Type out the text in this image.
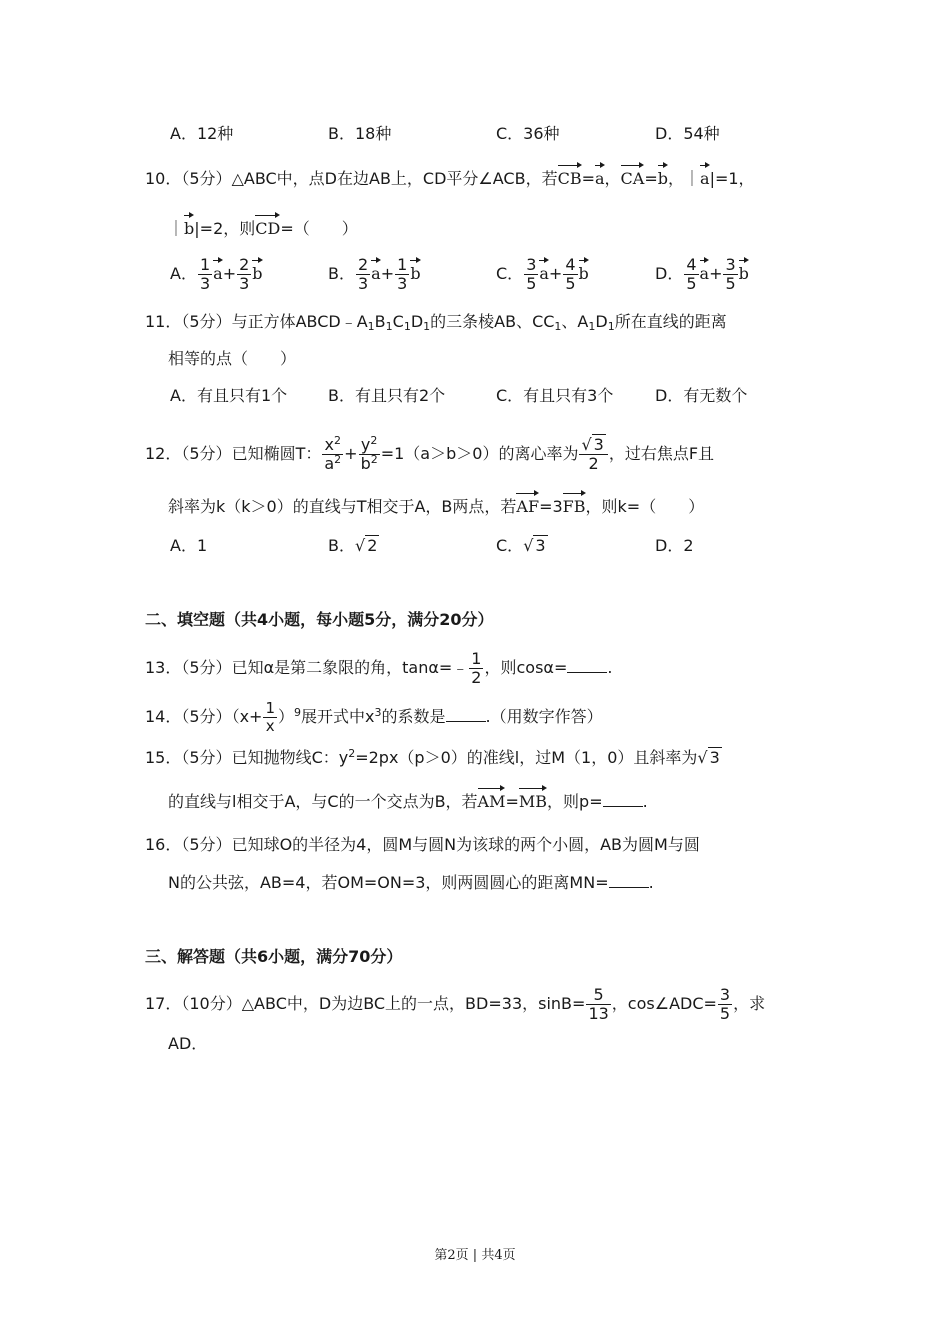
A．12种	B．18种	C．36种	D．54种
10．（5分）△ABC中，点D在边AB上，CD平分∠ACB，若CB=a，CA=b，｜a|=1，
｜b|=2，则CD=（　　）
A． $\frac{1}{3} a+ \frac{2}{3}$ b	B． $\frac{2}{3} a+ \frac{1}{3}$ b	C． $\frac{3}{5} a+ \frac{4}{5}$ b	D． $\frac{4}{5} a+ \frac{3}{5}$ b
11．（5分）与正方体$ABCD﹣A_1B_1C_1D_1$的三条棱AB、$CC_1$、$A_1D_1$所在直线的距离
相等的点（　　）
A．有且只有1个	B．有且只有2个	C．有且只有3个	D．有无数个
12．（5分）已知椭圆T： $\frac{x^2}{a^2} + \frac{y^2}{b^2} =1(a>b>0)$的离心率为 $\frac{√ 3}{2}$ ，过右焦点F且
斜率为k（k＞0）的直线与T相交于A，B两点，若AF=3FB，则k=（　　）
A．1	B．√ 2	C．√ 3	D．2
二、填空题（共4小题，每小题5分，满分20分）
13．（5分）已知α是第二象限的角，tanα=﹣ $\frac{1}{2}$ ，则cosα=	.
14．（5分）$(x+ \frac{1}{x} )^9$展开式中$x^3$的系数是	.（用数字作答）
15．（5分）已知抛物线C：$y^2=2px(p>0)$的准线l，过M（1，0）且斜率为√ 3
的直线与l相交于A，与C的一个交点为B，若AM=MB，则p=	.
16．（5分）已知球O的半径为4，圆M与圆N为该球的两个小圆，AB为圆M与圆
N的公共弦，AB=4，若OM=ON=3，则两圆圆心的距离MN=	.
三、解答题（共6小题，满分70分）
17．（10分）△ABC中，D为边BC上的一点，BD=33，$\sin B= \frac{5}{13}$ ，cos∠ADC= $\frac{3}{5}$ ，求
AD．
第2页 | 共4页
